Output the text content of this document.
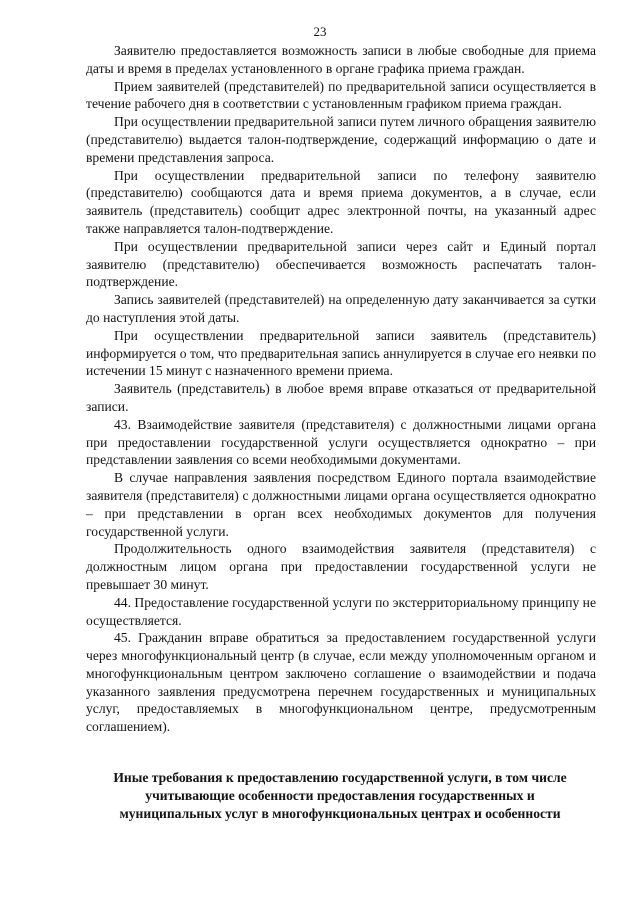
23

Заявителю предоставляется возможность записи в любые свободные для приема даты и время в пределах установленного в органе графика приема граждан.

Прием заявителей (представителей) по предварительной записи осуществляется в течение рабочего дня в соответствии с установленным графиком приема граждан.

При осуществлении предварительной записи путем личного обращения заявителю (представителю) выдается талон-подтверждение, содержащий информацию о дате и времени представления запроса.

При осуществлении предварительной записи по телефону заявителю (представителю) сообщаются дата и время приема документов, а в случае, если заявитель (представитель) сообщит адрес электронной почты, на указанный адрес также направляется талон-подтверждение.

При осуществлении предварительной записи через сайт и Единый портал заявителю (представителю) обеспечивается возможность распечатать талон-подтверждение.

Запись заявителей (представителей) на определенную дату заканчивается за сутки до наступления этой даты.

При осуществлении предварительной записи заявитель (представитель) информируется о том, что предварительная запись аннулируется в случае его неявки по истечении 15 минут с назначенного времени приема.

Заявитель (представитель) в любое время вправе отказаться от предварительной записи.

43. Взаимодействие заявителя (представителя) с должностными лицами органа при предоставлении государственной услуги осуществляется однократно – при представлении заявления со всеми необходимыми документами.

В случае направления заявления посредством Единого портала взаимодействие заявителя (представителя) с должностными лицами органа осуществляется однократно – при представлении в орган всех необходимых документов для получения государственной услуги.

Продолжительность одного взаимодействия заявителя (представителя) с должностным лицом органа при предоставлении государственной услуги не превышает 30 минут.

44. Предоставление государственной услуги по экстерриториальному принципу не осуществляется.

45. Гражданин вправе обратиться за предоставлением государственной услуги через многофункциональный центр (в случае, если между уполномоченным органом и многофункциональным центром заключено соглашение о взаимодействии и подача указанного заявления предусмотрена перечнем государственных и муниципальных услуг, предоставляемых в многофункциональном центре, предусмотренным соглашением).

Иные требования к предоставлению государственной услуги, в том числе
учитывающие особенности предоставления государственных и
муниципальных услуг в многофункциональных центрах и особенности
